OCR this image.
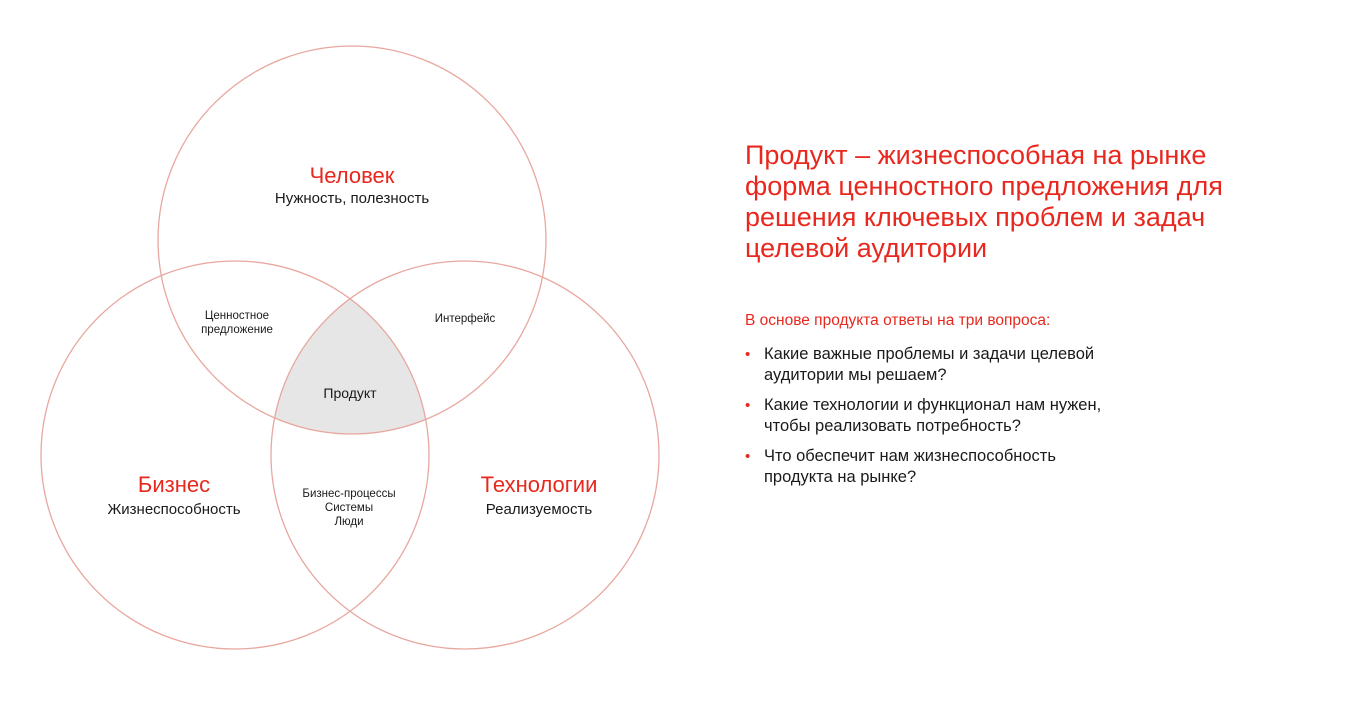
Человек
Нужность, полезность
Бизнес
Жизнеспособность
Технологии
Реализуемость
Ценностное
предложение
Интерфейс
Бизнес-процессы
Системы
Люди
Продукт
Продукт – жизнеспособная на рынке
форма ценностного предложения для
решения ключевых проблем и задач
целевой аудитории

В основе продукта ответы на три вопроса:

• Какие важные проблемы и задачи целевой
аудитории мы решаем?
• Какие технологии и функционал нам нужен,
чтобы реализовать потребность?
• Что обеспечит нам жизнеспособность
продукта на рынке?
